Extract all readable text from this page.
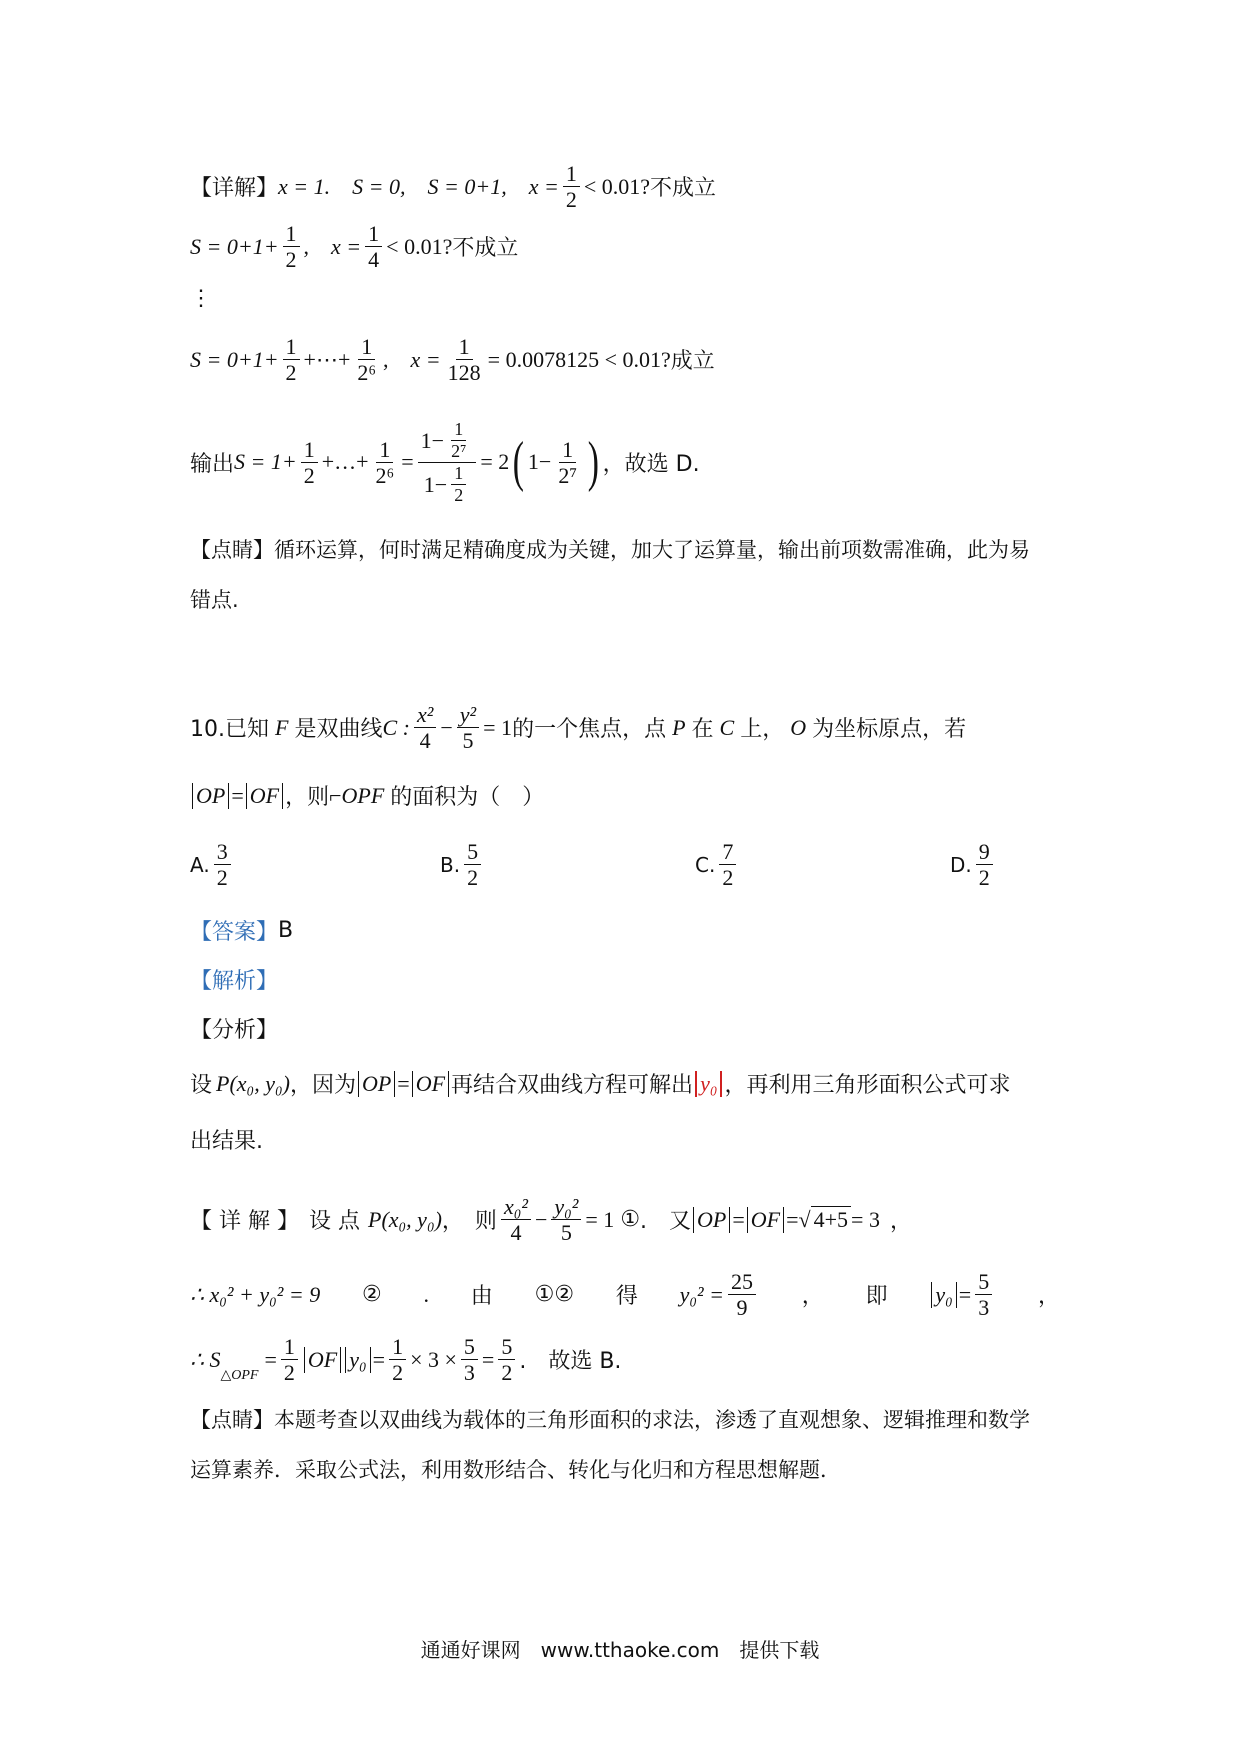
【详解】 x = 1. S = 0, S = 0+1, $x = \frac{1}{2} < 0.01$? 不成立
$S = 0+1+ \frac{1}{2}$ , $x = \frac{1}{4} < 0.01$? 不成立
⋮
$S = 0+1+ \frac{1}{2}$ +⋯+ $\frac{1}{\text{2⁶}}$ , $x = \frac{1}{128} = 0.0078125 < 0.01$? 成立
输出 $S = 1+ \frac{1}{2}$ +…+ $\frac{1}{\text{2⁶}} = \frac{1- \frac{1}{\text{2⁷}}}{1- \frac{1}{2}} = 2$ ( $1- \frac{1}{\text{2⁷}}$ ) ，故选 D.
【点睛】循环运算，何时满足精确度成为关键，加大了运算量，输出前项数需准确，此为易
错点.
10.已知 F 是双曲线 C : $\frac{\text{x²}}{4} - \frac{\text{y²}}{5} = 1$ 的一个焦点，点 P 在 C 上， O 为坐标原点，若
OP = OF ，则 ⌐ OPF 的面积为（　）
A. $\frac{3}{2}$	B. $\frac{5}{2}$	C. $\frac{7}{2}$	D. $\frac{9}{2}$
【答案】 B
【解析】
【分析】
设 P (x₀, y₀) ，因为 OP = OF 再结合双曲线方程可解出 y₀ ，再利用三角形面积公式可求
出结果.
【 详 解 】 设 点 P (x₀, y₀) ，　则 $\frac{\text{x₀²}}{4} - \frac{\text{y₀²}}{5} = 1$ ① .　又 OP = OF = √ 4+5 = 3 ，
∴ x₀² + y₀² = 9 ② . 由 ①② 得 $y_0^2 = \frac{25}{9}$ ， 即 $y_0 = \frac{5}{3}$ ，
∴ S
$_{\triangle OPF}$
= $\frac{1}{2}$ OF $y_0 = \frac{1}{2} \times 3 \times \frac{5}{3} = \frac{5}{2}$ .　故选 B.
【点睛】本题考查以双曲线为载体的三角形面积的求法，渗透了直观想象、逻辑推理和数学
运算素养．采取公式法，利用数形结合、转化与化归和方程思想解题．
通通好课网　www.tthaoke.com　提供下载
